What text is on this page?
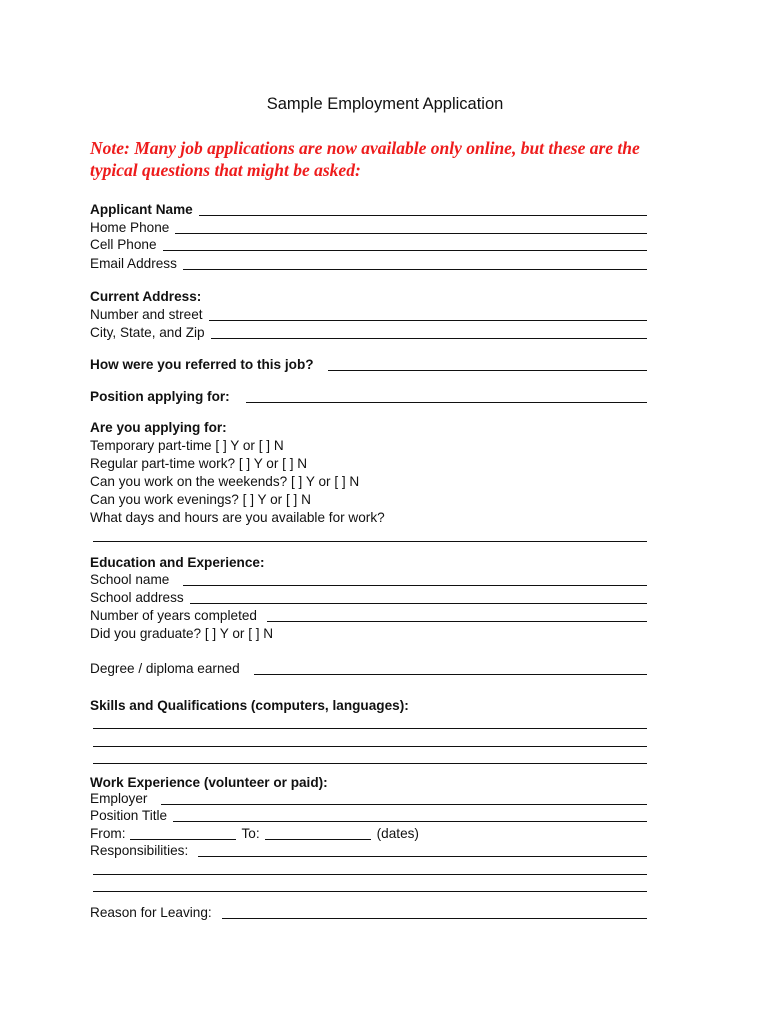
Sample Employment Application
Note: Many job applications are now available only online, but these are the typical questions that might be asked:
Applicant Name
Home Phone
Cell Phone
Email Address
Current Address:
Number and street
City, State, and Zip
How were you referred to this job?
Position applying for:
Are you applying for:
Temporary part-time [ ] Y or [ ] N
Regular part-time work? [ ] Y or [ ] N
Can you work on the weekends? [ ] Y or [ ] N
Can you work evenings? [ ] Y or [ ] N
What days and hours are you available for work?
Education and Experience:
School name
School address
Number of years completed
Did you graduate? [ ] Y or [ ] N
Degree / diploma earned
Skills and Qualifications (computers, languages):
Work Experience (volunteer or paid):
Employer
Position Title
From:	To:	(dates)
Responsibilities:
Reason for Leaving:
